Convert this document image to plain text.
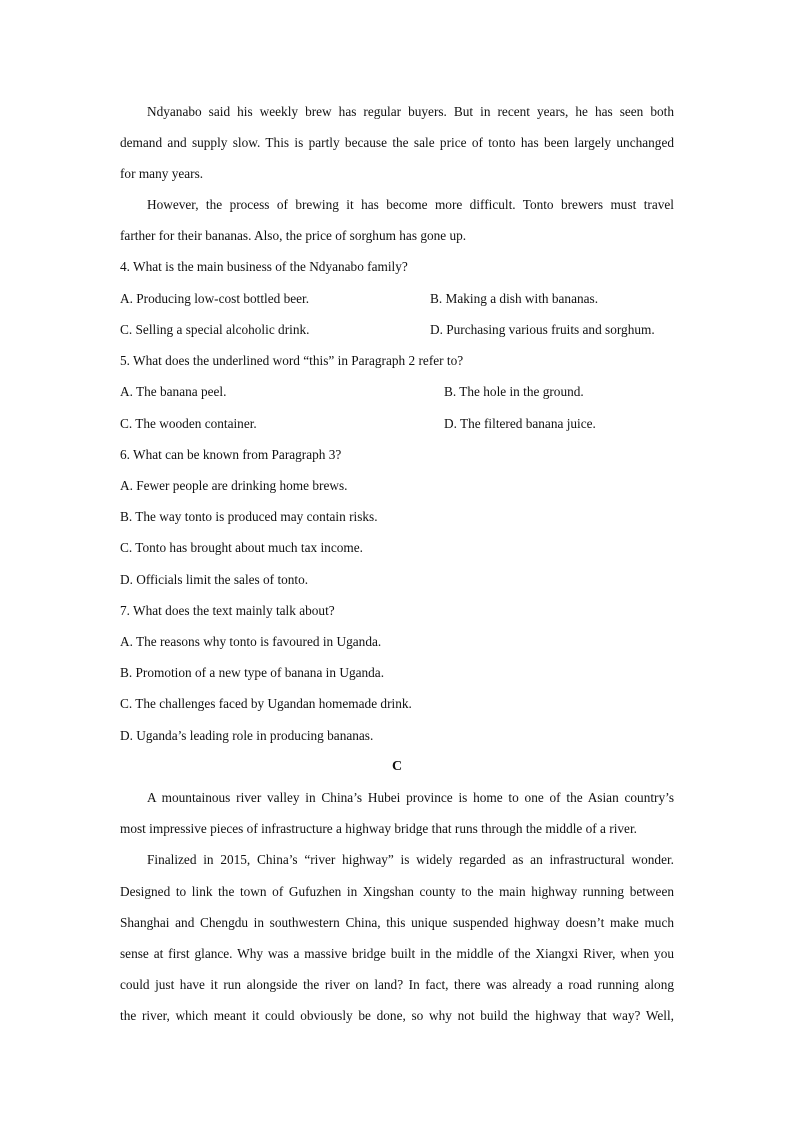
Ndyanabo said his weekly brew has regular buyers. But in recent years, he has seen both
demand and supply slow. This is partly because the sale price of tonto has been largely unchanged
for many years.
However, the process of brewing it has become more difficult. Tonto brewers must travel
farther for their bananas. Also, the price of sorghum has gone up.
4. What is the main business of the Ndyanabo family?
A. Producing low-cost bottled beer.	B. Making a dish with bananas.
C. Selling a special alcoholic drink.	D. Purchasing various fruits and sorghum.
5. What does the underlined word “this” in Paragraph 2 refer to?
A. The banana peel.	B. The hole in the ground.
C. The wooden container.	D. The filtered banana juice.
6. What can be known from Paragraph 3?
A. Fewer people are drinking home brews.
B. The way tonto is produced may contain risks.
C. Tonto has brought about much tax income.
D. Officials limit the sales of tonto.
7. What does the text mainly talk about?
A. The reasons why tonto is favoured in Uganda.
B. Promotion of a new type of banana in Uganda.
C. The challenges faced by Ugandan homemade drink.
D. Uganda’s leading role in producing bananas.
C
A mountainous river valley in China’s Hubei province is home to one of the Asian country’s
most impressive pieces of infrastructure a highway bridge that runs through the middle of a river.
Finalized in 2015, China’s “river highway” is widely regarded as an infrastructural wonder.
Designed to link the town of Gufuzhen in Xingshan county to the main highway running between
Shanghai and Chengdu in southwestern China, this unique suspended highway doesn’t make much
sense at first glance. Why was a massive bridge built in the middle of the Xiangxi River, when you
could just have it run alongside the river on land? In fact, there was already a road running along
the river, which meant it could obviously be done, so why not build the highway that way? Well,
